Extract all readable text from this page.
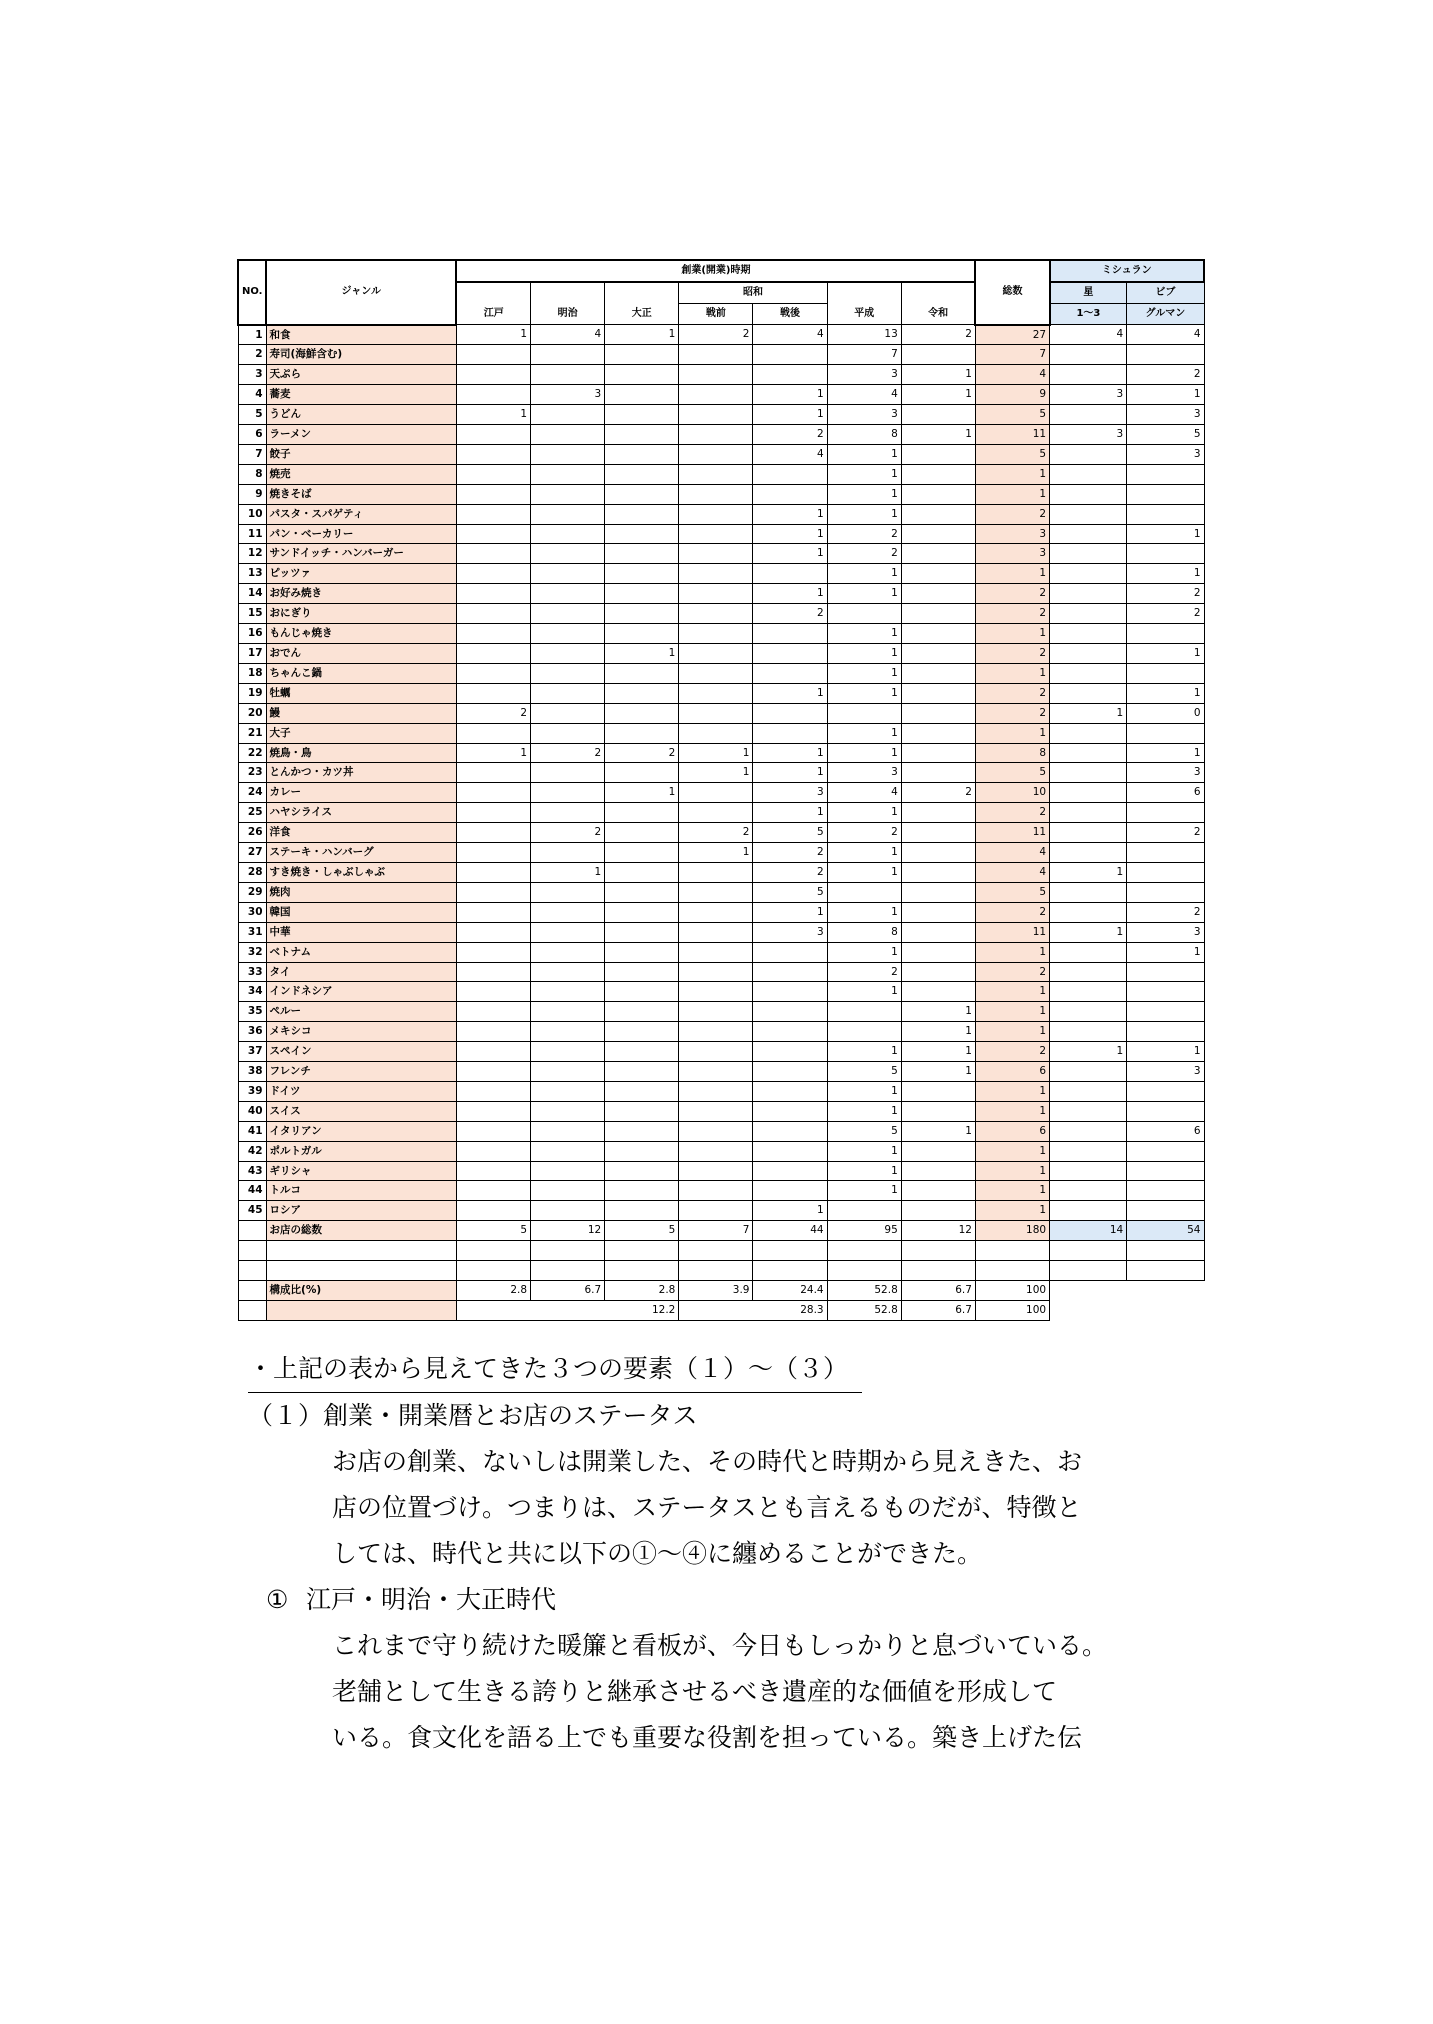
NO.	ジャンル	創業(開業)時期							総数	ミシュラン	
		江戸	明治	大正	昭和		平成	令和		星	ビブ
					戦前	戦後				1～3	グルマン
1	和食	1	4	1	2	4	13	2	27	4	4
2	寿司(海鮮含む)						7		7		
3	天ぷら						3	1	4		2
4	蕎麦		3			1	4	1	9	3	1
5	うどん	1				1	3		5		3
6	ラーメン					2	8	1	11	3	5
7	餃子					4	1		5		3
8	焼売						1		1		
9	焼きそば						1		1		
10	パスタ・スパゲティ					1	1		2		
11	パン・ベーカリー					1	2		3		1
12	サンドイッチ・ハンバーガー					1	2		3		
13	ピッツァ						1		1		1
14	お好み焼き					1	1		2		2
15	おにぎり					2			2		2
16	もんじゃ焼き						1		1		
17	おでん			1			1		2		1
18	ちゃんこ鍋						1		1		
19	牡蠣					1	1		2		1
20	鰻	2							2	1	0
21	大子						1		1		
22	焼鳥・鳥	1	2	2	1	1	1		8		1
23	とんかつ・カツ丼				1	1	3		5		3
24	カレー			1		3	4	2	10		6
25	ハヤシライス					1	1		2		
26	洋食		2		2	5	2		11		2
27	ステーキ・ハンバーグ				1	2	1		4		
28	すき焼き・しゃぶしゃぶ		1			2	1		4	1	
29	焼肉					5			5		
30	韓国					1	1		2		2
31	中華					3	8		11	1	3
32	ベトナム						1		1		1
33	タイ						2		2		
34	インドネシア						1		1		
35	ペルー							1	1		
36	メキシコ							1	1		
37	スペイン						1	1	2	1	1
38	フレンチ						5	1	6		3
39	ドイツ						1		1		
40	スイス						1		1		
41	イタリアン						5	1	6		6
42	ポルトガル						1		1		
43	ギリシャ						1		1		
44	トルコ						1		1		
45	ロシア					1			1		
	お店の総数	5	12	5	7	44	95	12	180	14	54

	構成比(%)	2.8	6.7	2.8	3.9	24.4	52.8	6.7	100		
		12.2			28.3		52.8	6.7	100		

・上記の表から見えてきた３つの要素（１）～（３）

（１）創業・開業暦とお店のステータス

お店の創業、ないしは開業した、その時代と時期から見えきた、お

店の位置づけ。つまりは、ステータスとも言えるものだが、特徴と

しては、時代と共に以下の①～④に纏めることができた。

① 江戸・明治・大正時代

これまで守り続けた暖簾と看板が、今日もしっかりと息づいている。

老舗として生きる誇りと継承させるべき遺産的な価値を形成して

いる。食文化を語る上でも重要な役割を担っている。築き上げた伝
